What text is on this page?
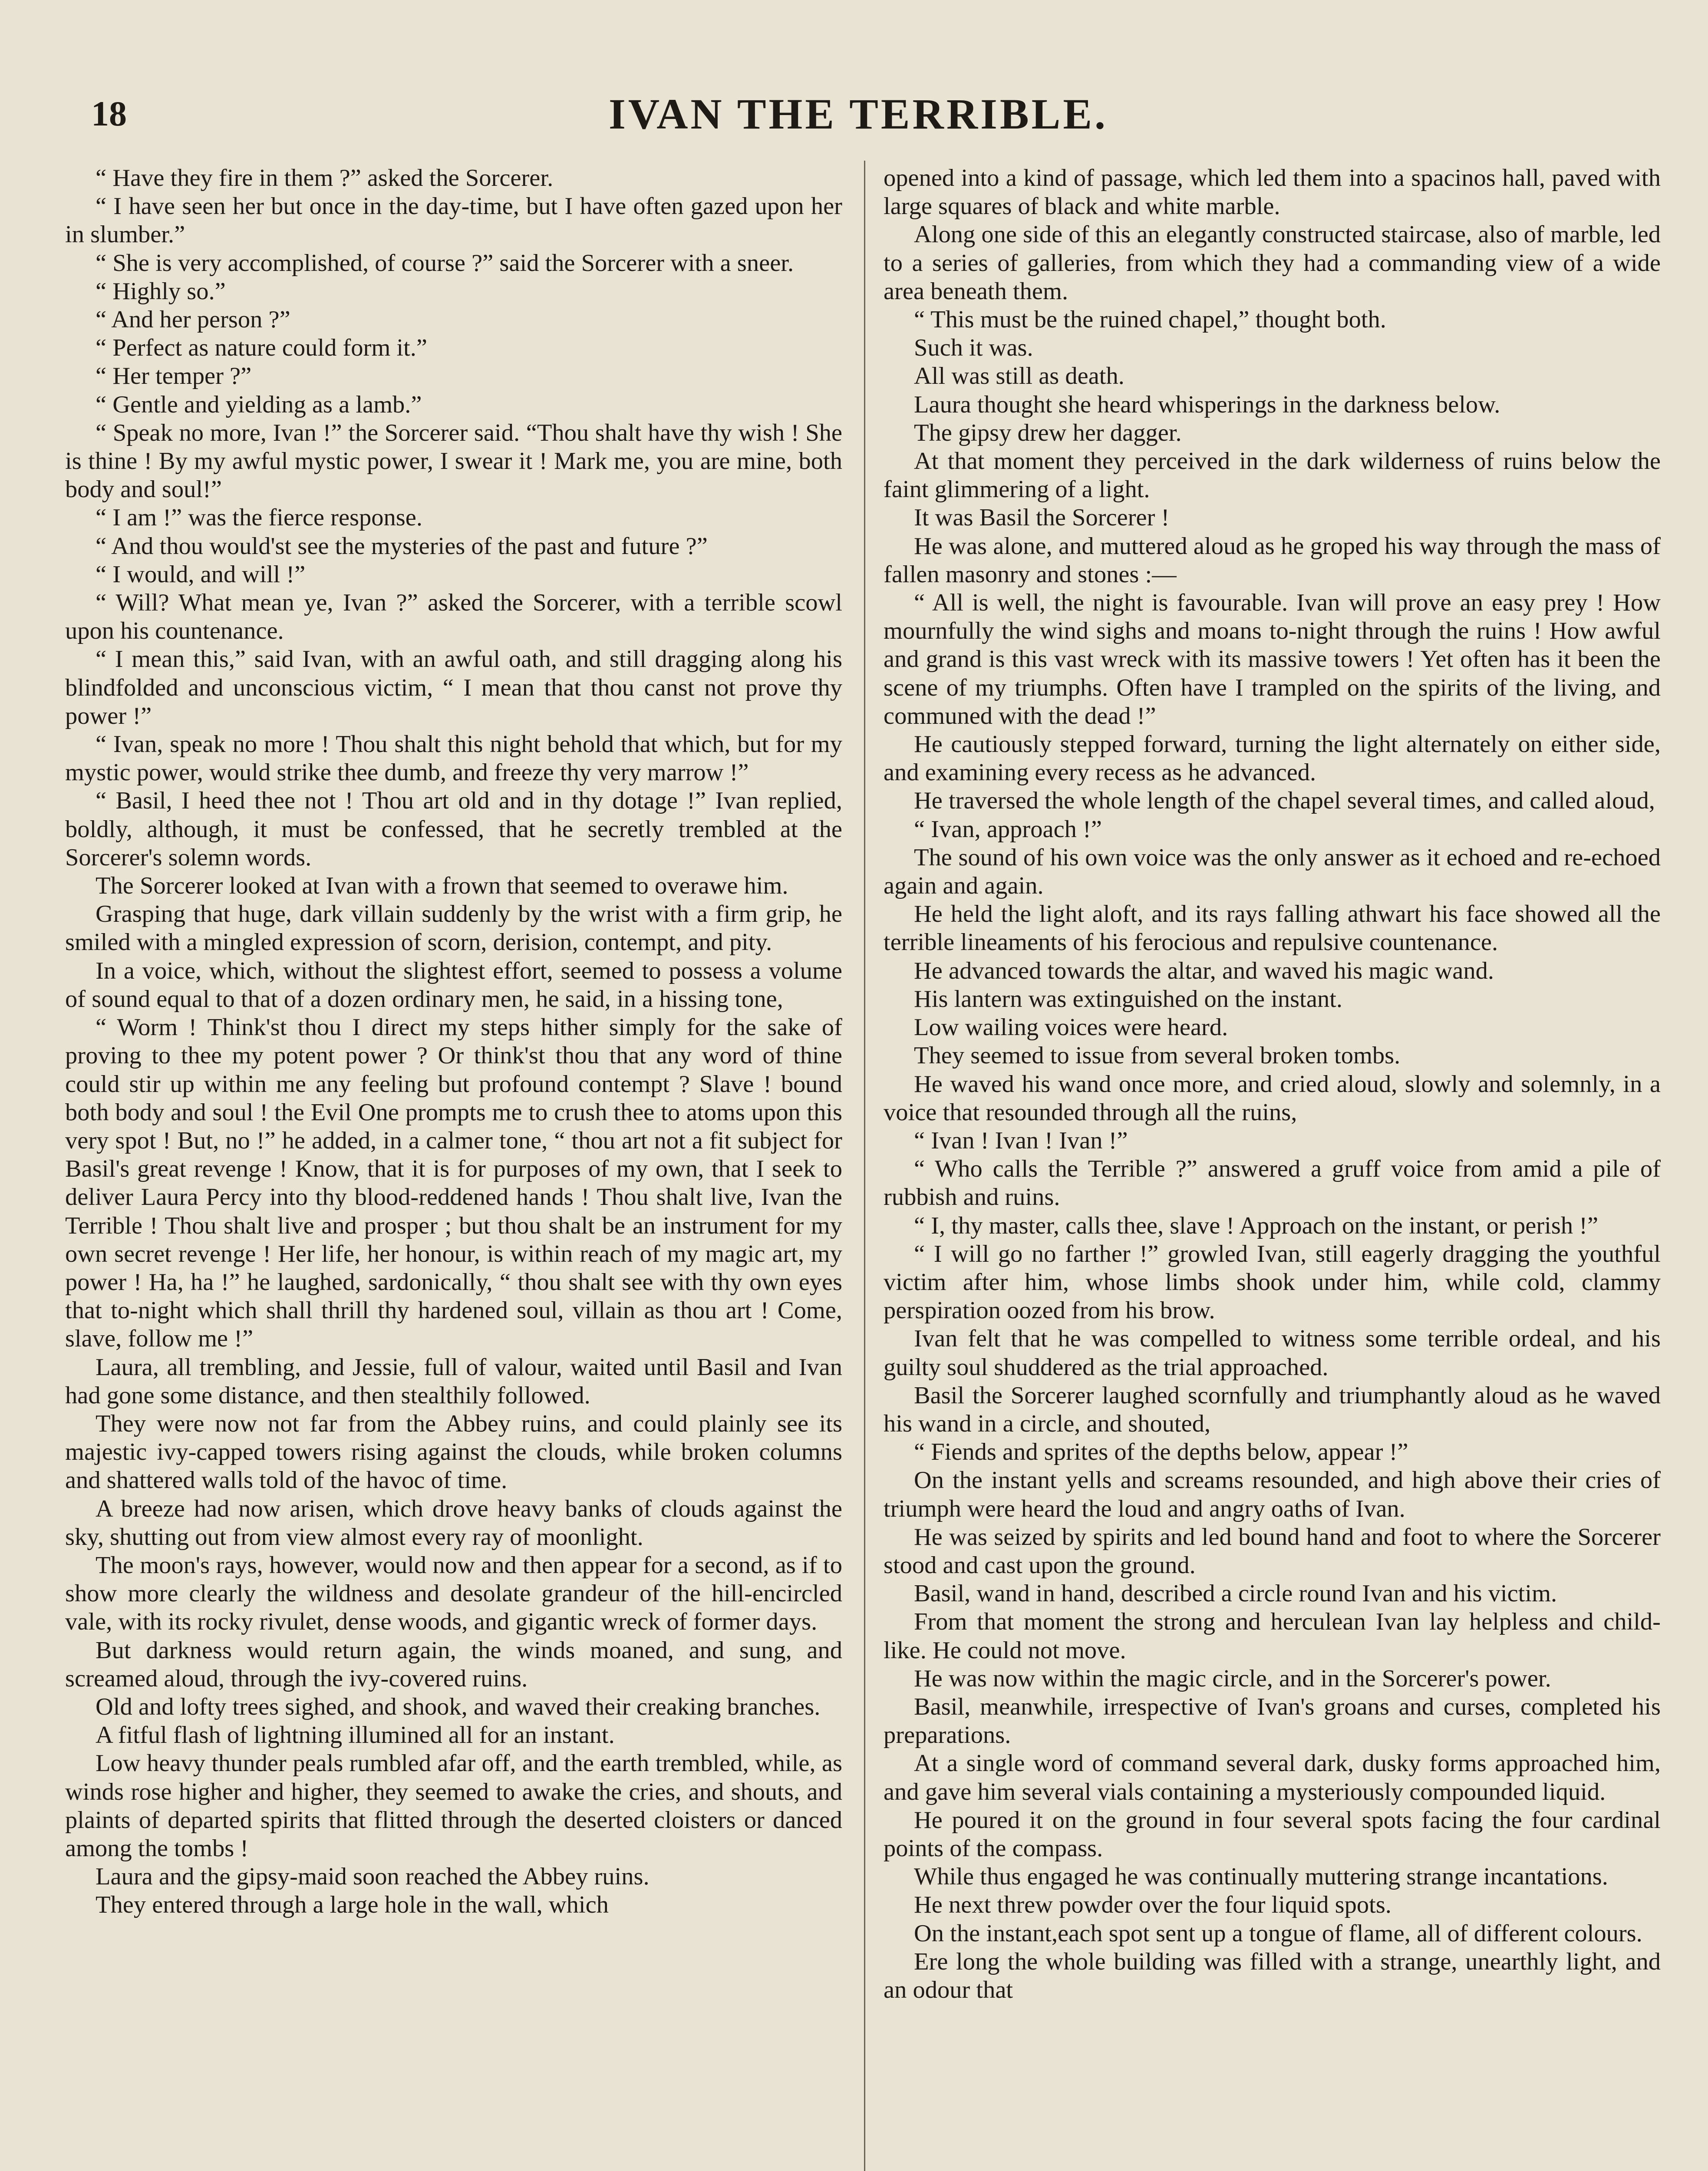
18	IVAN THE TERRIBLE.

“ Have they fire in them ?” asked the Sorcerer.

“ I have seen her but once in the day-time, but I have often gazed upon her in slumber.”

“ She is very accomplished, of course ?” said the Sorcerer with a sneer.

“ Highly so.”

“ And her person ?”

“ Perfect as nature could form it.”

“ Her temper ?”

“ Gentle and yielding as a lamb.”

“ Speak no more, Ivan !” the Sorcerer said. “Thou shalt have thy wish ! She is thine ! By my awful mystic power, I swear it ! Mark me, you are mine, both body and soul!”

“ I am !” was the fierce response.

“ And thou would'st see the mysteries of the past and future ?”

“ I would, and will !”

“ Will? What mean ye, Ivan ?” asked the Sorcerer, with a terrible scowl upon his countenance.

“ I mean this,” said Ivan, with an awful oath, and still dragging along his blindfolded and unconscious victim, “ I mean that thou canst not prove thy power !”

“ Ivan, speak no more ! Thou shalt this night behold that which, but for my mystic power, would strike thee dumb, and freeze thy very marrow !”

“ Basil, I heed thee not ! Thou art old and in thy dotage !” Ivan replied, boldly, although, it must be confessed, that he secretly trembled at the Sorcerer's solemn words.

The Sorcerer looked at Ivan with a frown that seemed to overawe him.

Grasping that huge, dark villain suddenly by the wrist with a firm grip, he smiled with a mingled expression of scorn, derision, contempt, and pity.

In a voice, which, without the slightest effort, seemed to possess a volume of sound equal to that of a dozen ordinary men, he said, in a hissing tone,

“ Worm ! Think'st thou I direct my steps hither simply for the sake of proving to thee my potent power ? Or think'st thou that any word of thine could stir up within me any feeling but profound contempt ? Slave ! bound both body and soul ! the Evil One prompts me to crush thee to atoms upon this very spot ! But, no !” he added, in a calmer tone, “ thou art not a fit subject for Basil's great revenge ! Know, that it is for purposes of my own, that I seek to deliver Laura Percy into thy blood-reddened hands ! Thou shalt live, Ivan the Terrible ! Thou shalt live and prosper ; but thou shalt be an instrument for my own secret revenge ! Her life, her honour, is within reach of my magic art, my power ! Ha, ha !” he laughed, sardonically, “ thou shalt see with thy own eyes that to-night which shall thrill thy hardened soul, villain as thou art ! Come, slave, follow me !”

Laura, all trembling, and Jessie, full of valour, waited until Basil and Ivan had gone some distance, and then stealthily followed.

They were now not far from the Abbey ruins, and could plainly see its majestic ivy-capped towers rising against the clouds, while broken columns and shattered walls told of the havoc of time.

A breeze had now arisen, which drove heavy banks of clouds against the sky, shutting out from view almost every ray of moonlight.

The moon's rays, however, would now and then appear for a second, as if to show more clearly the wildness and desolate grandeur of the hill-encircled vale, with its rocky rivulet, dense woods, and gigantic wreck of former days.

But darkness would return again, the winds moaned, and sung, and screamed aloud, through the ivy-covered ruins.

Old and lofty trees sighed, and shook, and waved their creaking branches.

A fitful flash of lightning illumined all for an instant.

Low heavy thunder peals rumbled afar off, and the earth trembled, while, as winds rose higher and higher, they seemed to awake the cries, and shouts, and plaints of departed spirits that flitted through the deserted cloisters or danced among the tombs !

Laura and the gipsy-maid soon reached the Abbey ruins.

They entered through a large hole in the wall, which

opened into a kind of passage, which led them into a spacinos hall, paved with large squares of black and white marble.

Along one side of this an elegantly constructed staircase, also of marble, led to a series of galleries, from which they had a commanding view of a wide area beneath them.

“ This must be the ruined chapel,” thought both.

Such it was.

All was still as death.

Laura thought she heard whisperings in the darkness below.

The gipsy drew her dagger.

At that moment they perceived in the dark wilderness of ruins below the faint glimmering of a light.

It was Basil the Sorcerer !

He was alone, and muttered aloud as he groped his way through the mass of fallen masonry and stones :—

“ All is well, the night is favourable. Ivan will prove an easy prey ! How mournfully the wind sighs and moans to-night through the ruins ! How awful and grand is this vast wreck with its massive towers ! Yet often has it been the scene of my triumphs. Often have I trampled on the spirits of the living, and communed with the dead !”

He cautiously stepped forward, turning the light alternately on either side, and examining every recess as he advanced.

He traversed the whole length of the chapel several times, and called aloud,

“ Ivan, approach !”

The sound of his own voice was the only answer as it echoed and re-echoed again and again.

He held the light aloft, and its rays falling athwart his face showed all the terrible lineaments of his ferocious and repulsive countenance.

He advanced towards the altar, and waved his magic wand.

His lantern was extinguished on the instant.

Low wailing voices were heard.

They seemed to issue from several broken tombs.

He waved his wand once more, and cried aloud, slowly and solemnly, in a voice that resounded through all the ruins,

“ Ivan ! Ivan ! Ivan !”

“ Who calls the Terrible ?” answered a gruff voice from amid a pile of rubbish and ruins.

“ I, thy master, calls thee, slave ! Approach on the instant, or perish !”

“ I will go no farther !” growled Ivan, still eagerly dragging the youthful victim after him, whose limbs shook under him, while cold, clammy perspiration oozed from his brow.

Ivan felt that he was compelled to witness some terrible ordeal, and his guilty soul shuddered as the trial approached.

Basil the Sorcerer laughed scornfully and triumphantly aloud as he waved his wand in a circle, and shouted,

“ Fiends and sprites of the depths below, appear !”

On the instant yells and screams resounded, and high above their cries of triumph were heard the loud and angry oaths of Ivan.

He was seized by spirits and led bound hand and foot to where the Sorcerer stood and cast upon the ground.

Basil, wand in hand, described a circle round Ivan and his victim.

From that moment the strong and herculean Ivan lay helpless and child-like. He could not move.

He was now within the magic circle, and in the Sorcerer's power.

Basil, meanwhile, irrespective of Ivan's groans and curses, completed his preparations.

At a single word of command several dark, dusky forms approached him, and gave him several vials containing a mysteriously compounded liquid.

He poured it on the ground in four several spots facing the four cardinal points of the compass.

While thus engaged he was continually muttering strange incantations.

He next threw powder over the four liquid spots.

On the instant,each spot sent up a tongue of flame, all of different colours.

Ere long the whole building was filled with a strange, unearthly light, and an odour that
